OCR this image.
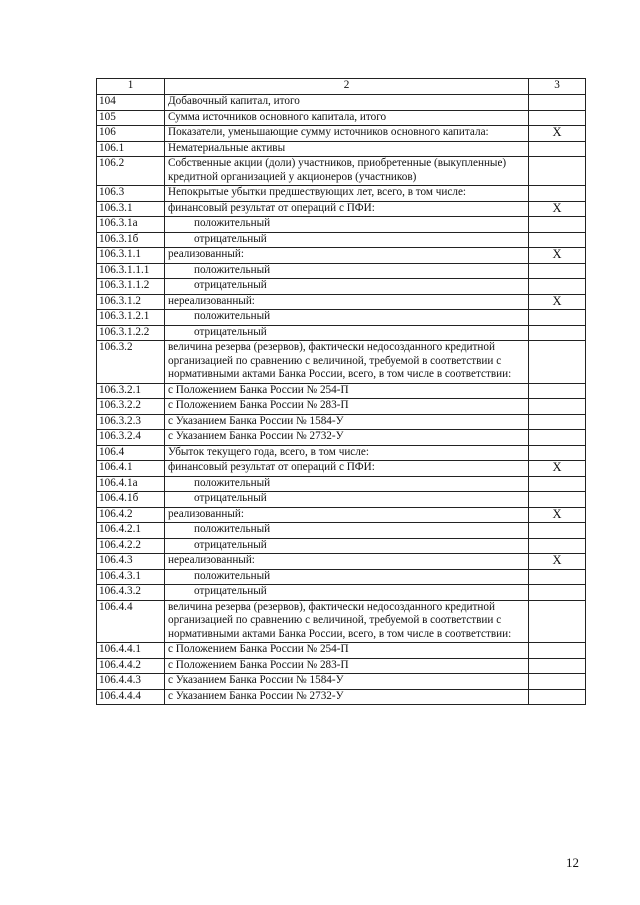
1	2	3
104	Добавочный капитал, итого	
105	Сумма источников основного капитала, итого	
106	Показатели, уменьшающие сумму источников основного капитала:	X
106.1	Нематериальные активы	
106.2	Собственные акции (доли) участников, приобретенные (выкупленные) кредитной организацией у акционеров (участников)	
106.3	Непокрытые убытки предшествующих лет, всего, в том числе:	
106.3.1	финансовый результат от операций с ПФИ:	X
106.3.1а	положительный	
106.3.1б	отрицательный	
106.3.1.1	реализованный:	X
106.3.1.1.1	положительный	
106.3.1.1.2	отрицательный	
106.3.1.2	нереализованный:	X
106.3.1.2.1	положительный	
106.3.1.2.2	отрицательный	
106.3.2	величина резерва (резервов), фактически недосозданного кредитной организацией по сравнению с величиной, требуемой в соответствии с нормативными актами Банка России, всего, в том числе в соответствии:	
106.3.2.1	с Положением Банка России № 254-П	
106.3.2.2	с Положением Банка России № 283-П	
106.3.2.3	с Указанием Банка России № 1584-У	
106.3.2.4	с Указанием Банка России № 2732-У	
106.4	Убыток текущего года, всего, в том числе:	
106.4.1	финансовый результат от операций с ПФИ:	X
106.4.1а	положительный	
106.4.1б	отрицательный	
106.4.2	реализованный:	X
106.4.2.1	положительный	
106.4.2.2	отрицательный	
106.4.3	нереализованный:	X
106.4.3.1	положительный	
106.4.3.2	отрицательный	
106.4.4	величина резерва (резервов), фактически недосозданного кредитной организацией по сравнению с величиной, требуемой в соответствии с нормативными актами Банка России, всего, в том числе в соответствии:	
106.4.4.1	с Положением Банка России № 254-П	
106.4.4.2	с Положением Банка России № 283-П	
106.4.4.3	с Указанием Банка России № 1584-У	
106.4.4.4	с Указанием Банка России № 2732-У	
12
